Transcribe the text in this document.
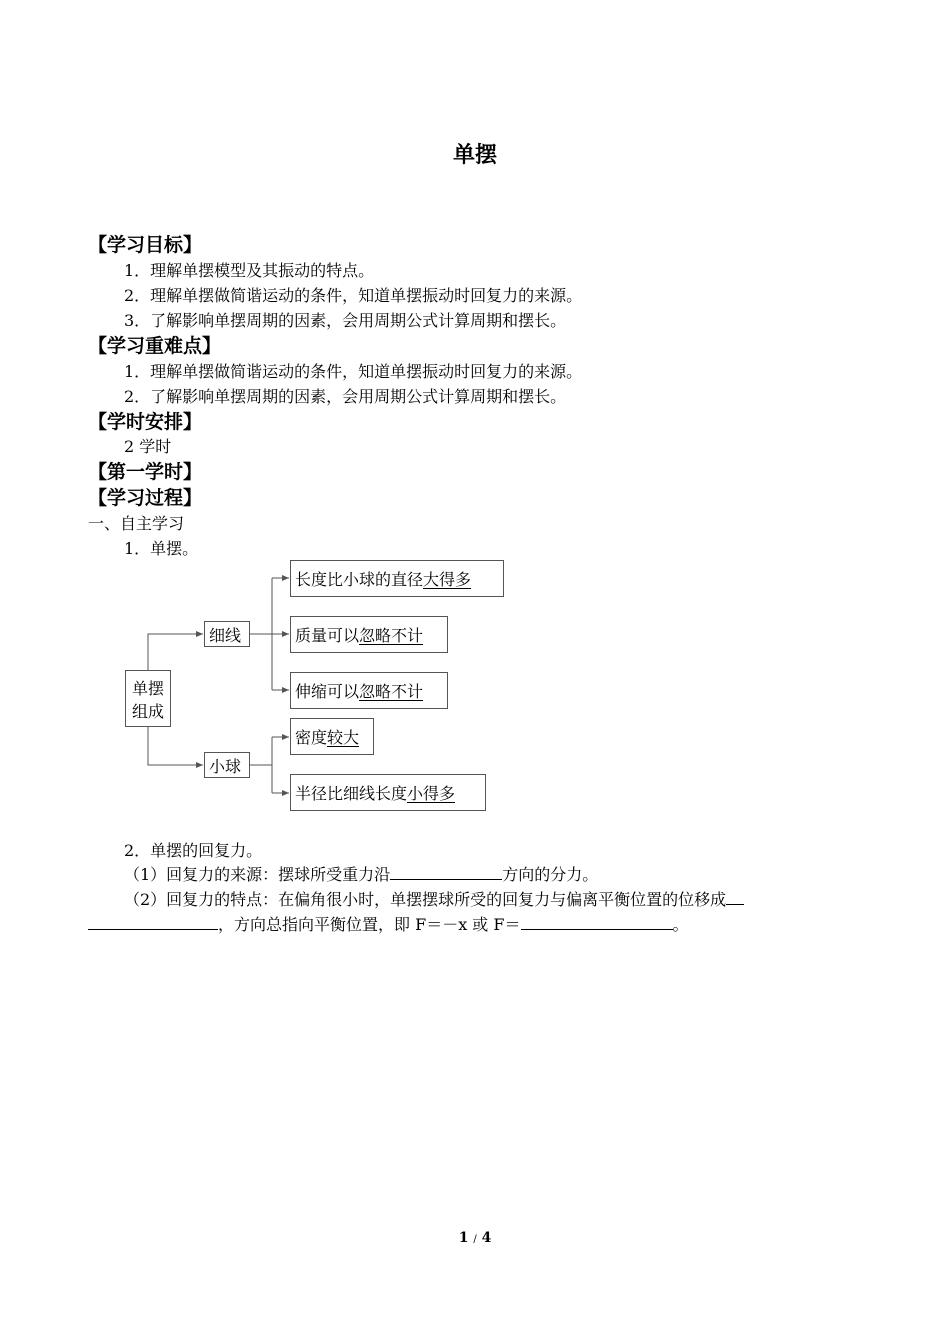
单摆
【学习目标】
1．理解单摆模型及其振动的特点。
2．理解单摆做简谐运动的条件，知道单摆振动时回复力的来源。
3．了解影响单摆周期的因素，会用周期公式计算周期和摆长。
【学习重难点】
1．理解单摆做简谐运动的条件，知道单摆振动时回复力的来源。
2．了解影响单摆周期的因素，会用周期公式计算周期和摆长。
【学时安排】
2 学时
【第一学时】
【学习过程】
一、自主学习
1．单摆。
单摆
组成
细线
小球
长度比小球的直径 大得多
质量可以 忽略不计
伸缩可以 忽略不计
密度 较大
半径比细线长度 小得多
2．单摆的回复力。
（1）回复力的来源：摆球所受重力沿	方向的分力。
（2）回复力的特点：在偏角很小时，单摆摆球所受的回复力与偏离平衡位置的位移成
，方向总指向平衡位置，即 F＝－x 或 F＝	。
1 / 4
